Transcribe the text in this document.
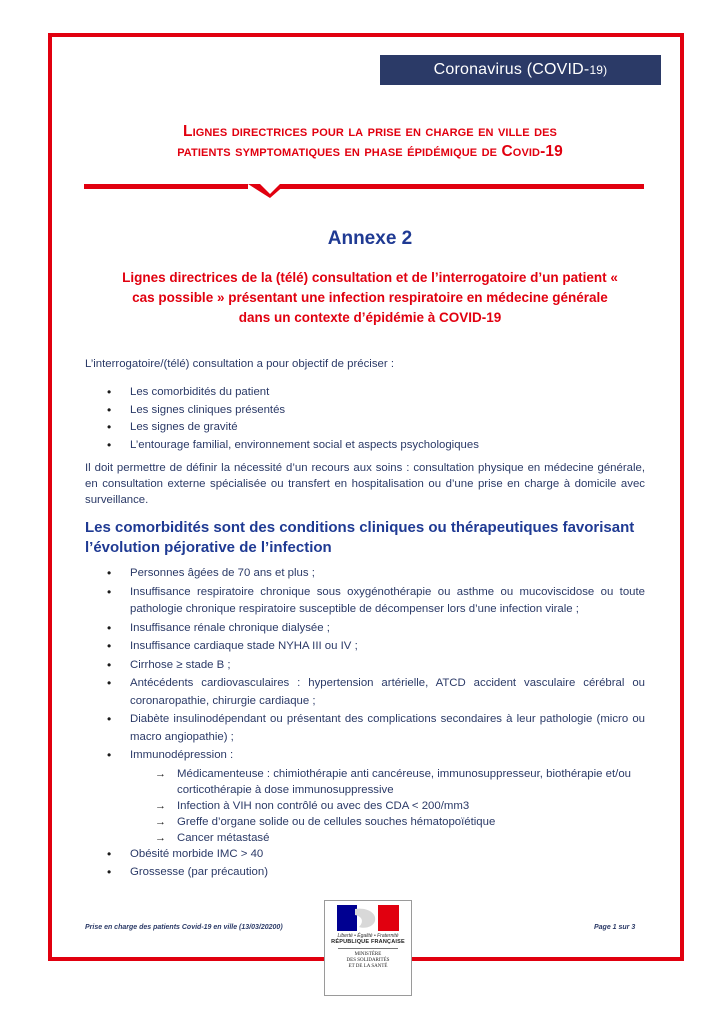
Coronavirus (COVID-19)
Lignes directrices pour la prise en charge en ville des
patients symptomatiques en phase épidémique de Covid-19
Annexe 2
Lignes directrices de la (télé) consultation et de l’interrogatoire d’un patient «
cas possible » présentant une infection respiratoire en médecine générale
dans un contexte d’épidémie à COVID-19
L’interrogatoire/(télé) consultation a pour objectif de préciser :
• Les comorbidités du patient
• Les signes cliniques présentés
• Les signes de gravité
• L’entourage familial, environnement social et aspects psychologiques
Il doit permettre de définir la nécessité d’un recours aux soins : consultation physique en médecine générale, en consultation externe spécialisée ou transfert en hospitalisation ou d’une prise en charge à domicile avec surveillance.
Les comorbidités sont des conditions cliniques ou thérapeutiques favorisant
l’évolution péjorative de l’infection
• Personnes âgées de 70 ans et plus ;
• Insuffisance respiratoire chronique sous oxygénothérapie ou asthme ou mucoviscidose ou toute pathologie chronique respiratoire susceptible de décompenser lors d’une infection virale ;
• Insuffisance rénale chronique dialysée ;
• Insuffisance cardiaque stade NYHA III ou IV ;
• Cirrhose ≥ stade B ;
• Antécédents cardiovasculaires : hypertension artérielle, ATCD accident vasculaire cérébral ou coronaropathie, chirurgie cardiaque ;
• Diabète insulinodépendant ou présentant des complications secondaires à leur pathologie (micro ou macro angiopathie) ;
• Immunodépression :
→ Médicamenteuse : chimiothérapie anti cancéreuse, immunosuppresseur, biothérapie et/ou corticothérapie à dose immunosuppressive
→ Infection à VIH non contrôlé ou avec des CDA < 200/mm3
→ Greffe d’organe solide ou de cellules souches hématopoïétique
→ Cancer métastasé
• Obésité morbide IMC > 40
• Grossesse (par précaution)
Prise en charge des patients Covid-19 en ville (13/03/20200)	Page 1 sur 3
Liberté • Égalité • Fraternité
RÉPUBLIQUE FRANÇAISE
MINISTÈRE
DES SOLIDARITÉS
ET DE LA SANTÉ
